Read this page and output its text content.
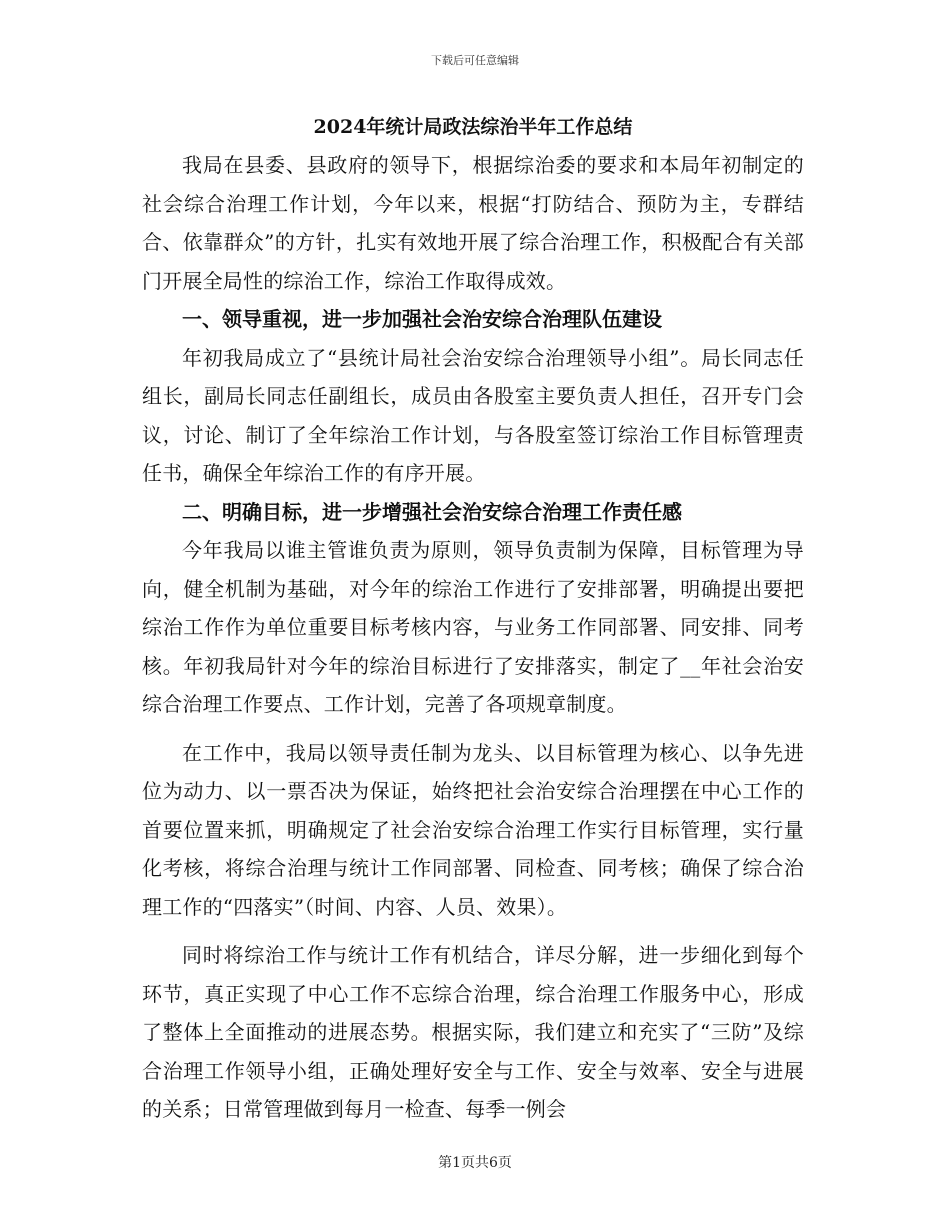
下载后可任意编辑
2024年统计局政法综治半年工作总结

我局在县委、县政府的领导下，根据综治委的要求和本局年初制定的社会综合治理工作计划，今年以来，根据“打防结合、预防为主，专群结合、依靠群众”的方针，扎实有效地开展了综合治理工作，积极配合有关部门开展全局性的综治工作，综治工作取得成效。

一、领导重视，进一步加强社会治安综合治理队伍建设

年初我局成立了“县统计局社会治安综合治理领导小组”。局长同志任组长，副局长同志任副组长，成员由各股室主要负责人担任，召开专门会议，讨论、制订了全年综治工作计划，与各股室签订综治工作目标管理责任书，确保全年综治工作的有序开展。

二、明确目标，进一步增强社会治安综合治理工作责任感

今年我局以谁主管谁负责为原则，领导负责制为保障，目标管理为导向，健全机制为基础，对今年的综治工作进行了安排部署，明确提出要把综治工作作为单位重要目标考核内容，与业务工作同部署、同安排、同考核。年初我局针对今年的综治目标进行了安排落实，制定了__年社会治安综合治理工作要点、工作计划，完善了各项规章制度。

在工作中，我局以领导责任制为龙头、以目标管理为核心、以争先进位为动力、以一票否决为保证，始终把社会治安综合治理摆在中心工作的首要位置来抓，明确规定了社会治安综合治理工作实行目标管理，实行量化考核，将综合治理与统计工作同部署、同检查、同考核；确保了综合治理工作的“四落实”（时间、内容、人员、效果）。

同时将综治工作与统计工作有机结合，详尽分解，进一步细化到每个环节，真正实现了中心工作不忘综合治理，综合治理工作服务中心，形成了整体上全面推动的进展态势。根据实际，我们建立和充实了“三防”及综合治理工作领导小组，正确处理好安全与工作、安全与效率、安全与进展的关系；日常管理做到每月一检查、每季一例会

第1页共6页
